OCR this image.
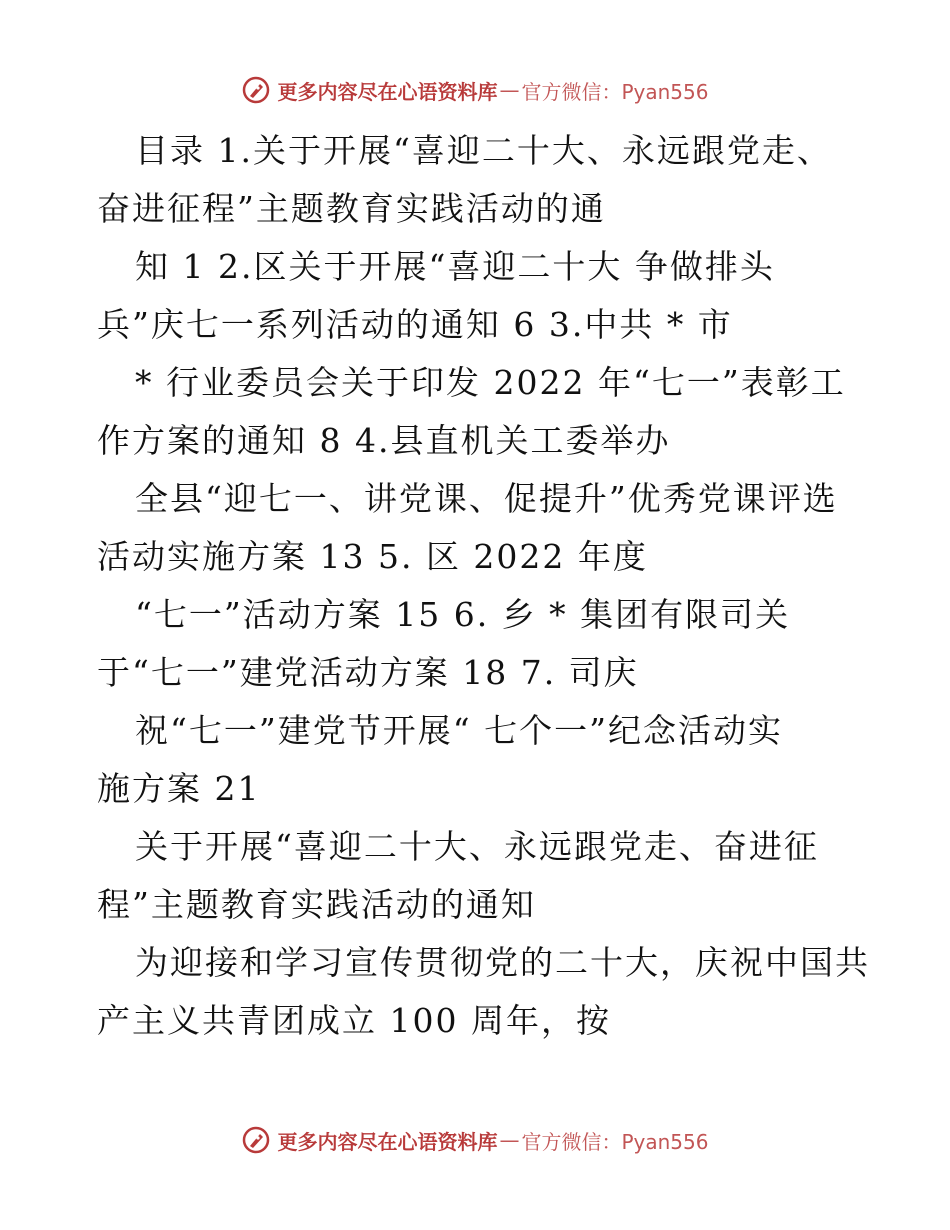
更多内容尽在心语资料库 — 官方微信：Pyan556
目录 1.关于开展“喜迎二十大、永远跟党走、
奋进征程”主题教育实践活动的通
知 1 2.区关于开展“喜迎二十大 争做排头
兵”庆七一系列活动的通知 6 3.中共 * 市
* 行业委员会关于印发 2022 年“七一”表彰工
作方案的通知 8 4.县直机关工委举办
全县“迎七一、讲党课、促提升”优秀党课评选
活动实施方案 13 5. 区 2022 年度
“七一”活动方案 15 6. 乡 * 集团有限司关
于“七一”建党活动方案 18 7. 司庆
祝“七一”建党节开展“ 七个一”纪念活动实
施方案 21
关于开展“喜迎二十大、永远跟党走、奋进征
程”主题教育实践活动的通知
为迎接和学习宣传贯彻党的二十大，庆祝中国共
产主义共青团成立 100 周年，按
更多内容尽在心语资料库 — 官方微信：Pyan556
